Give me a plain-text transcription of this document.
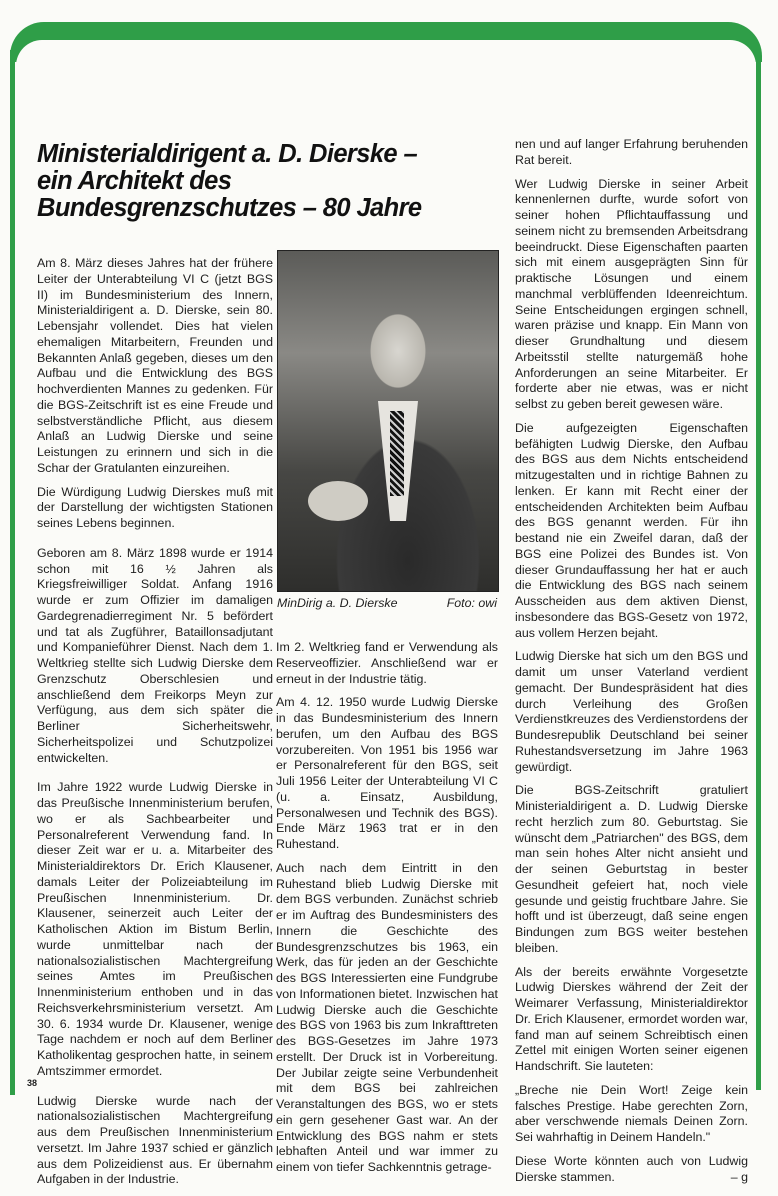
Ministerialdirigent a. D. Dierske –
ein Architekt des
Bundesgrenzschutzes – 80 Jahre

Am 8. März dieses Jahres hat der frühere Leiter der Unterabteilung VI C (jetzt BGS II) im Bundesministerium des Innern, Ministerialdirigent a. D. Dierske, sein 80. Lebensjahr vollendet. Dies hat vielen ehemaligen Mitarbeitern, Freunden und Bekannten Anlaß gegeben, dieses um den Aufbau und die Entwicklung des BGS hochverdienten Mannes zu gedenken. Für die BGS-Zeitschrift ist es eine Freude und selbstverständliche Pflicht, aus diesem Anlaß an Ludwig Dierske und seine Leistungen zu erinnern und sich in die Schar der Gratulanten einzureihen.

Die Würdigung Ludwig Dierskes muß mit der Darstellung der wichtigsten Stationen seines Lebens beginnen.

Geboren am 8. März 1898 wurde er 1914 schon mit 16 ½ Jahren als Kriegsfreiwilliger Soldat. Anfang 1916 wurde er zum Offizier im damaligen Gardegrenadierregiment Nr. 5 befördert und tat als Zugführer, Bataillonsadjutant und Kompanieführer Dienst. Nach dem 1. Weltkrieg stellte sich Ludwig Dierske dem Grenzschutz Oberschlesien und anschließend dem Freikorps Meyn zur Verfügung, aus dem sich später die Berliner Sicherheitswehr, Sicherheitspolizei und Schutzpolizei entwickelten.

Im Jahre 1922 wurde Ludwig Dierske in das Preußische Innenministerium berufen, wo er als Sachbearbeiter und Personalreferent Verwendung fand. In dieser Zeit war er u. a. Mitarbeiter des Ministerialdirektors Dr. Erich Klausener, damals Leiter der Polizeiabteilung im Preußischen Innenministerium. Dr. Klausener, seinerzeit auch Leiter der Katholischen Aktion im Bistum Berlin, wurde unmittelbar nach der nationalsozialistischen Machtergreifung seines Amtes im Preußischen Innenministerium enthoben und in das Reichsverkehrsministerium versetzt. Am 30. 6. 1934 wurde Dr. Klausener, wenige Tage nachdem er noch auf dem Berliner Katholikentag gesprochen hatte, in seinem Amtszimmer ermordet.

Ludwig Dierske wurde nach der nationalsozialistischen Machtergreifung aus dem Preußischen Innenministerium versetzt. Im Jahre 1937 schied er gänzlich aus dem Polizeidienst aus. Er übernahm Aufgaben in der Industrie.

MinDirig a. D. Dierske	Foto: owi

Im 2. Weltkrieg fand er Verwendung als Reserveoffizier. Anschließend war er erneut in der Industrie tätig.

Am 4. 12. 1950 wurde Ludwig Dierske in das Bundesministerium des Innern berufen, um den Aufbau des BGS vorzubereiten. Von 1951 bis 1956 war er Personalreferent für den BGS, seit Juli 1956 Leiter der Unterabteilung VI C (u. a. Einsatz, Ausbildung, Personalwesen und Technik des BGS). Ende März 1963 trat er in den Ruhestand.

Auch nach dem Eintritt in den Ruhestand blieb Ludwig Dierske mit dem BGS verbunden. Zunächst schrieb er im Auftrag des Bundesministers des Innern die Geschichte des Bundesgrenzschutzes bis 1963, ein Werk, das für jeden an der Geschichte des BGS Interessierten eine Fundgrube von Informationen bietet. Inzwischen hat Ludwig Dierske auch die Geschichte des BGS von 1963 bis zum Inkrafttreten des BGS-Gesetzes im Jahre 1973 erstellt. Der Druck ist in Vorbereitung. Der Jubilar zeigte seine Verbundenheit mit dem BGS bei zahlreichen Veranstaltungen des BGS, wo er stets ein gern gesehener Gast war. An der Entwicklung des BGS nahm er stets lebhaften Anteil und war immer zu einem von tiefer Sachkenntnis getrage-

nen und auf langer Erfahrung beruhenden Rat bereit.

Wer Ludwig Dierske in seiner Arbeit kennenlernen durfte, wurde sofort von seiner hohen Pflichtauffassung und seinem nicht zu bremsenden Arbeitsdrang beeindruckt. Diese Eigenschaften paarten sich mit einem ausgeprägten Sinn für praktische Lösungen und einem manchmal verblüffenden Ideenreichtum. Seine Entscheidungen ergingen schnell, waren präzise und knapp. Ein Mann von dieser Grundhaltung und diesem Arbeitsstil stellte naturgemäß hohe Anforderungen an seine Mitarbeiter. Er forderte aber nie etwas, was er nicht selbst zu geben bereit gewesen wäre.

Die aufgezeigten Eigenschaften befähigten Ludwig Dierske, den Aufbau des BGS aus dem Nichts entscheidend mitzugestalten und in richtige Bahnen zu lenken. Er kann mit Recht einer der entscheidenden Architekten beim Aufbau des BGS genannt werden. Für ihn bestand nie ein Zweifel daran, daß der BGS eine Polizei des Bundes ist. Von dieser Grundauffassung her hat er auch die Entwicklung des BGS nach seinem Ausscheiden aus dem aktiven Dienst, insbesondere das BGS-Gesetz von 1972, aus vollem Herzen bejaht.

Ludwig Dierske hat sich um den BGS und damit um unser Vaterland verdient gemacht. Der Bundespräsident hat dies durch Verleihung des Großen Verdienstkreuzes des Verdienstordens der Bundesrepublik Deutschland bei seiner Ruhestandsversetzung im Jahre 1963 gewürdigt.

Die BGS-Zeitschrift gratuliert Ministerialdirigent a. D. Ludwig Dierske recht herzlich zum 80. Geburtstag. Sie wünscht dem „Patriarchen" des BGS, dem man sein hohes Alter nicht ansieht und der seinen Geburtstag in bester Gesundheit gefeiert hat, noch viele gesunde und geistig fruchtbare Jahre. Sie hofft und ist überzeugt, daß seine engen Bindungen zum BGS weiter bestehen bleiben.

Als der bereits erwähnte Vorgesetzte Ludwig Dierskes während der Zeit der Weimarer Verfassung, Ministerialdirektor Dr. Erich Klausener, ermordet worden war, fand man auf seinem Schreibtisch einen Zettel mit einigen Worten seiner eigenen Handschrift. Sie lauteten:

„Breche nie Dein Wort! Zeige kein falsches Prestige. Habe gerechten Zorn, aber verschwende niemals Deinen Zorn. Sei wahrhaftig in Deinem Handeln."

Diese Worte könnten auch von Ludwig Dierske stammen.	– g

38
